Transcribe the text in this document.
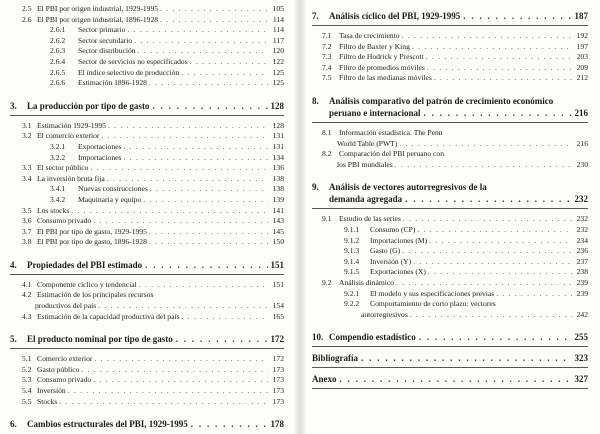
2.5 El PBI por origen industrial, 1929-1995 . . .	105
2.6 El PBI por origen industrial, 1896-1928 . . .	114
2.6.1	Sector primario . . .	114
2.6.2	Sector secundario . . .	117
2.6.3	Sector distribución . . .	120
2.6.4	Sector de servicios no especificados . . .	122
2.6.5	El índice selectivo de producción . . .	125
2.6.6	Estimación 1896-1928 . . .	125
3.	La producción por tipo de gasto . . .	128
3.1 Estimación 1929-1995 . . .	128
3.2 El comercio exterior . . .	131
3.2.1	Exportaciones . . .	131
3.2.2	Importaciones . . .	134
3.3 El sector público . . .	136
3.4 La inversión bruta fija . . .	138
3.4.1	Nuevas construcciones . . .	138
3.4.2	Maquinaria y equipo . . .	139
3.5 Los stocks . . .	141
3.6 Consumo privado . . .	143
3.7 El PBI por tipo de gasto, 1929-1995 . . .	145
3.8 El PBI por tipo de gasto, 1896-1928 . . .	150
4.	Propiedades del PBI estimado . . .	151
4.1 Componente cíclico y tendencial . . .	151
4.2 Estimación de los principales recursos
productivos del país . . .	154
4.3 Estimación de la capacidad productiva del país . . .	165
5.	El producto nominal por tipo de gasto . . .	172
5.1 Comercio exterior . . .	172
5.2 Gasto público . . .	173
5.3 Consumo privado . . .	173
5.4 Inversión . . .	173
5.5 Stocks . . .	173
6.	Cambios estructurales del PBI, 1929-1995 . . .	178
7.	Análisis cíclico del PBI, 1929-1995 . . .	187
7.1 Tasa de crecimiento . . .	192
7.2 Filtro de Baxter y King . . .	197
7.3 Filtro de Hodrick y Prescott . . .	203
7.4 Filtro de promedios móviles . . .	209
7.5 Filtro de las medianas móviles . . .	212
8.	Análisis comparativo del patrón de crecimiento económico
peruano e internacional . . .	216
8.1 Información estadística. The Penn
World Table (PWT) . . .	216
8.2 Comparación del PBI peruano con
los PBI mundiales . . .	230
9.	Análisis de vectores autorregresivos de la
demanda agregada . . .	232
9.1 Estudio de las series . . .	232
9.1.1	Consumo (CP) . . .	232
9.1.2	Importaciones (M) . . .	234
9.1.3	Gasto (G) . . .	236
9.1.4	Inversión (Y) . . .	237
9.1.5	Exportaciones (X) . . .	238
9.2 Análisis dinámico . . .	239
9.2.1	El modelo y sus especificaciones previas . . .	239
9.2.2	Comportamiento de corto plazo: vectores
autorregresivos . . .	242
10. Compendio estadístico . . .	255
Bibliografía . . .	323
Anexo . . .	327
